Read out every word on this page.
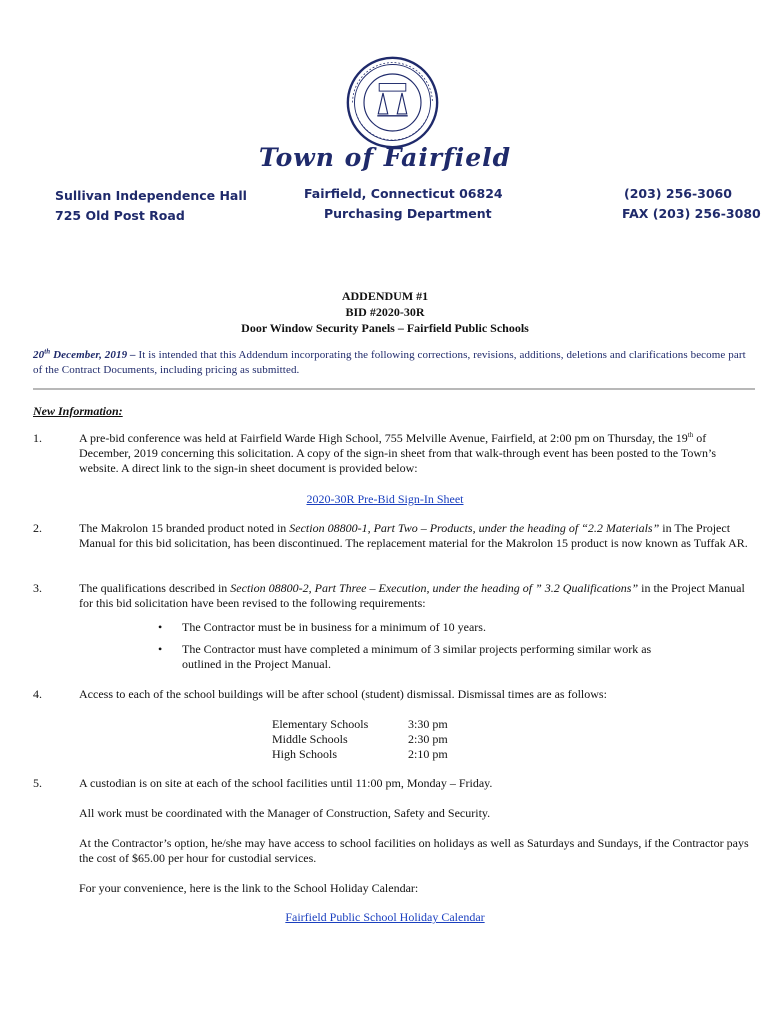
Town of Fairfield
Sullivan Independence Hall
725 Old Post Road
Fairfield, Connecticut 06824
Purchasing Department
(203) 256-3060
FAX (203) 256-3080
ADDENDUM #1
BID #2020-30R
Door Window Security Panels – Fairfield Public Schools
20th December, 2019 – It is intended that this Addendum incorporating the following corrections, revisions, additions, deletions and clarifications become part of the Contract Documents, including pricing as submitted.
New Information:
1.	A pre-bid conference was held at Fairfield Warde High School, 755 Melville Avenue, Fairfield, at 2:00 pm on Thursday, the 19th of December, 2019 concerning this solicitation. A copy of the sign-in sheet from that walk-through event has been posted to the Town’s website. A direct link to the sign-in sheet document is provided below:
2020-30R Pre-Bid Sign-In Sheet
2.	The Makrolon 15 branded product noted in Section 08800-1, Part Two – Products, under the heading of “2.2 Materials” in The Project Manual for this bid solicitation, has been discontinued. The replacement material for the Makrolon 15 product is now known as Tuffak AR.
3.	The qualifications described in Section 08800-2, Part Three – Execution, under the heading of ” 3.2 Qualifications” in the Project Manual for this bid solicitation have been revised to the following requirements:
• The Contractor must be in business for a minimum of 10 years.
• The Contractor must have completed a minimum of 3 similar projects performing similar work as outlined in the Project Manual.
4.	Access to each of the school buildings will be after school (student) dismissal. Dismissal times are as follows:
Elementary Schools	3:30 pm
Middle Schools	2:30 pm
High Schools	2:10 pm
5.	A custodian is on site at each of the school facilities until 11:00 pm, Monday – Friday.
All work must be coordinated with the Manager of Construction, Safety and Security.
At the Contractor’s option, he/she may have access to school facilities on holidays as well as Saturdays and Sundays, if the Contractor pays the cost of $65.00 per hour for custodial services.
For your convenience, here is the link to the School Holiday Calendar:
Fairfield Public School Holiday Calendar
